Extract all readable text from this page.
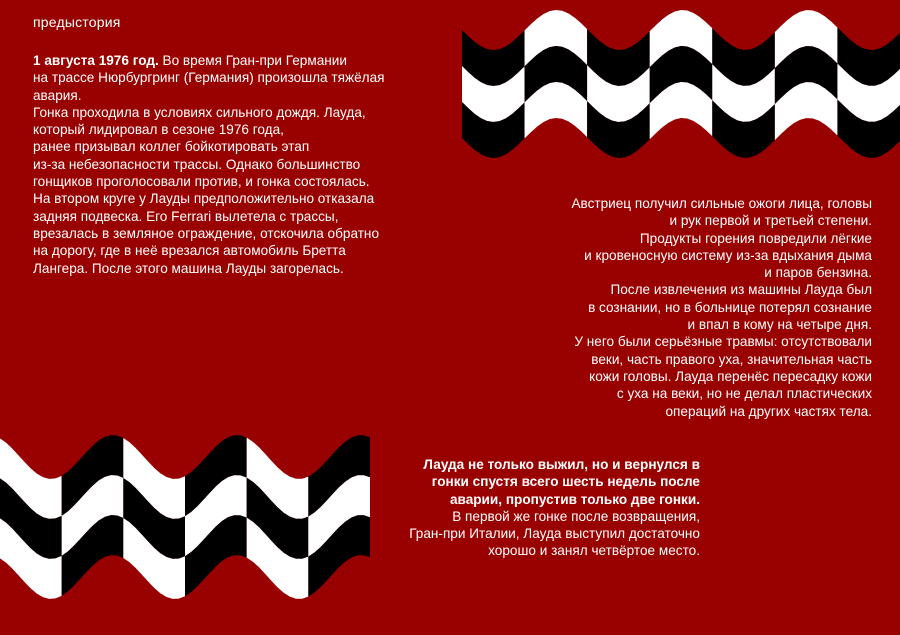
предыстория
1 августа 1976 год. Во время Гран-при Германии
на трассе Нюрбургринг (Германия) произошла тяжёлая
авария.
Гонка проходила в условиях сильного дождя. Лауда,
который лидировал в сезоне 1976 года,
ранее призывал коллег бойкотировать этап
из-за небезопасности трассы. Однако большинство
гонщиков проголосовали против, и гонка состоялась.
На втором круге у Лауды предположительно отказала
задняя подвеска. Его Ferrari вылетела с трассы,
врезалась в земляное ограждение, отскочила обратно
на дорогу, где в неё врезался автомобиль Бретта
Лангера. После этого машина Лауды загорелась.
Австриец получил сильные ожоги лица, головы
и рук первой и третьей степени.
Продукты горения повредили лёгкие
и кровеносную систему из-за вдыхания дыма
и паров бензина.
После извлечения из машины Лауда был
в сознании, но в больнице потерял сознание
и впал в кому на четыре дня.
У него были серьёзные травмы: отсутствовали
веки, часть правого уха, значительная часть
кожи головы. Лауда перенёс пересадку кожи
с уха на веки, но не делал пластических
операций на других частях тела.
Лауда не только выжил, но и вернулся в
гонки спустя всего шесть недель после
аварии, пропустив только две гонки.
В первой же гонке после возвращения,
Гран-при Италии, Лауда выступил достаточно
хорошо и занял четвёртое место.
